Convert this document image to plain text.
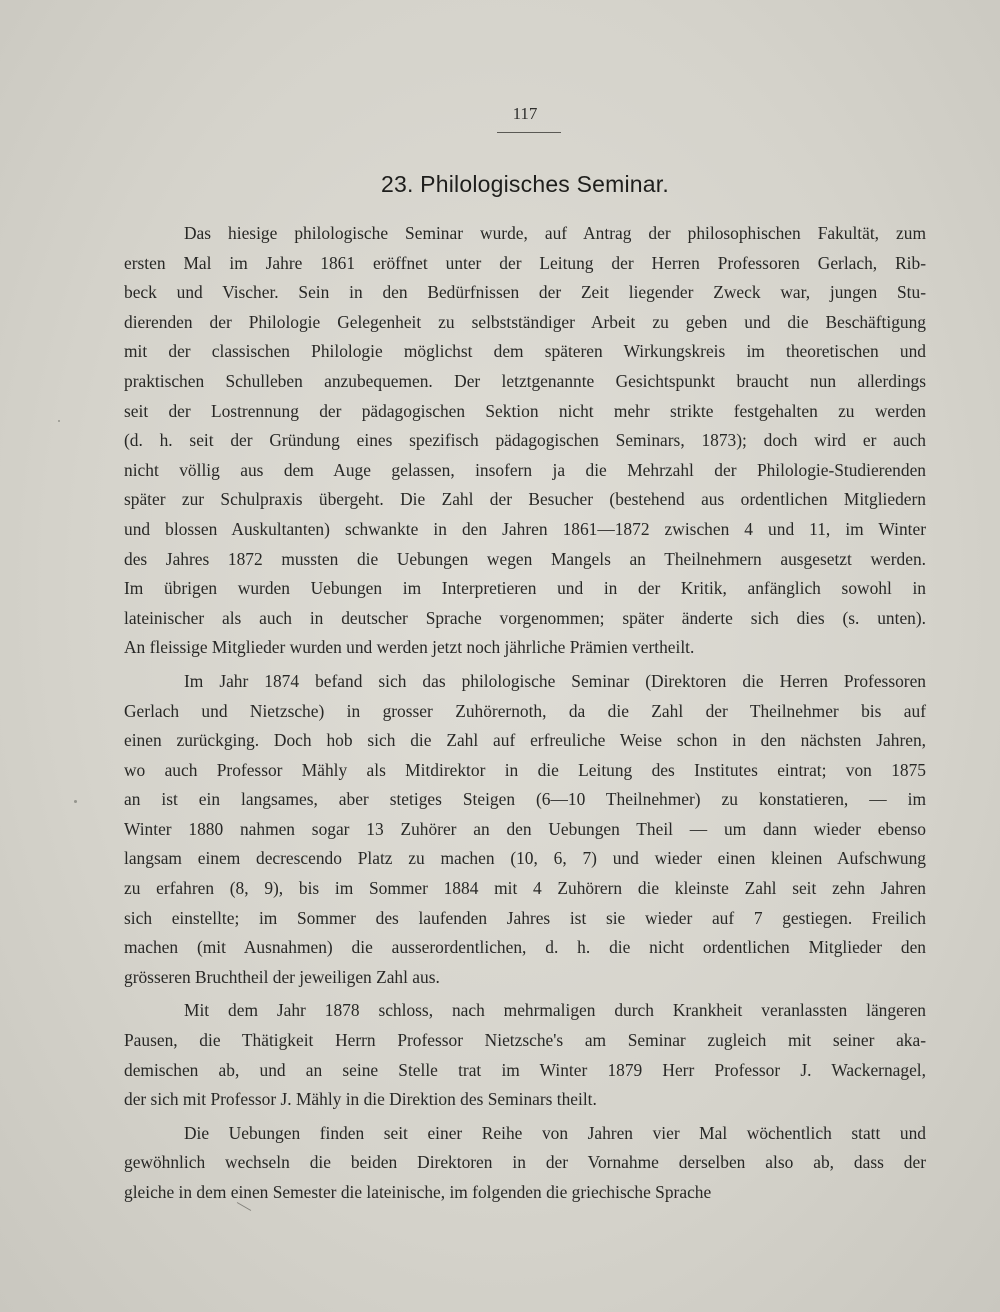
117
23. Philologisches Seminar.
Das hiesige philologische Seminar wurde, auf Antrag der philosophischen Fakultät, zum
ersten Mal im Jahre 1861 eröffnet unter der Leitung der Herren Professoren Gerlach, Rib-
beck und Vischer. Sein in den Bedürfnissen der Zeit liegender Zweck war, jungen Stu-
dierenden der Philologie Gelegenheit zu selbstständiger Arbeit zu geben und die Beschäftigung
mit der classischen Philologie möglichst dem späteren Wirkungskreis im theoretischen und
praktischen Schulleben anzubequemen. Der letztgenannte Gesichtspunkt braucht nun allerdings
seit der Lostrennung der pädagogischen Sektion nicht mehr strikte festgehalten zu werden
(d. h. seit der Gründung eines spezifisch pädagogischen Seminars, 1873); doch wird er auch
nicht völlig aus dem Auge gelassen, insofern ja die Mehrzahl der Philologie-Studierenden
später zur Schulpraxis übergeht. Die Zahl der Besucher (bestehend aus ordentlichen Mitgliedern
und blossen Auskultanten) schwankte in den Jahren 1861—1872 zwischen 4 und 11, im Winter
des Jahres 1872 mussten die Uebungen wegen Mangels an Theilnehmern ausgesetzt werden.
Im übrigen wurden Uebungen im Interpretieren und in der Kritik, anfänglich sowohl in
lateinischer als auch in deutscher Sprache vorgenommen; später änderte sich dies (s. unten).
An fleissige Mitglieder wurden und werden jetzt noch jährliche Prämien vertheilt.
Im Jahr 1874 befand sich das philologische Seminar (Direktoren die Herren Professoren
Gerlach und Nietzsche) in grosser Zuhörernoth, da die Zahl der Theilnehmer bis auf
einen zurückging. Doch hob sich die Zahl auf erfreuliche Weise schon in den nächsten Jahren,
wo auch Professor Mähly als Mitdirektor in die Leitung des Institutes eintrat; von 1875
an ist ein langsames, aber stetiges Steigen (6—10 Theilnehmer) zu konstatieren, — im
Winter 1880 nahmen sogar 13 Zuhörer an den Uebungen Theil — um dann wieder ebenso
langsam einem decrescendo Platz zu machen (10, 6, 7) und wieder einen kleinen Aufschwung
zu erfahren (8, 9), bis im Sommer 1884 mit 4 Zuhörern die kleinste Zahl seit zehn Jahren
sich einstellte; im Sommer des laufenden Jahres ist sie wieder auf 7 gestiegen. Freilich
machen (mit Ausnahmen) die ausserordentlichen, d. h. die nicht ordentlichen Mitglieder den
grösseren Bruchtheil der jeweiligen Zahl aus.
Mit dem Jahr 1878 schloss, nach mehrmaligen durch Krankheit veranlassten längeren
Pausen, die Thätigkeit Herrn Professor Nietzsche's am Seminar zugleich mit seiner aka-
demischen ab, und an seine Stelle trat im Winter 1879 Herr Professor J. Wackernagel,
der sich mit Professor J. Mähly in die Direktion des Seminars theilt.
Die Uebungen finden seit einer Reihe von Jahren vier Mal wöchentlich statt und
gewöhnlich wechseln die beiden Direktoren in der Vornahme derselben also ab, dass der
gleiche in dem einen Semester die lateinische, im folgenden die griechische Sprache
